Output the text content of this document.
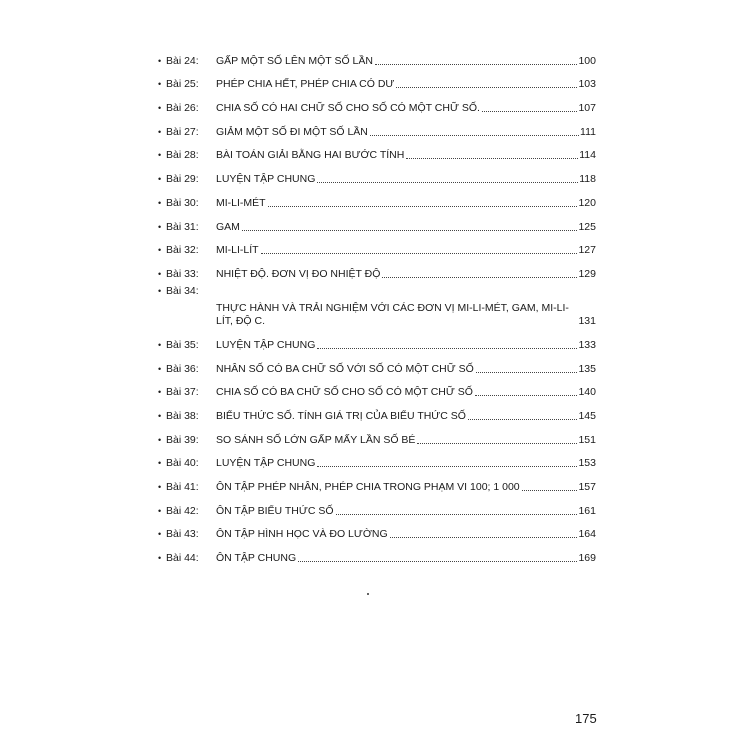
• Bài 24:	GẤP MỘT SỐ LÊN MỘT SỐ LẦN	100
• Bài 25:	PHÉP CHIA HẾT, PHÉP CHIA CÓ DƯ	103
• Bài 26:	CHIA SỐ CÓ HAI CHỮ SỐ CHO SỐ CÓ MỘT CHỮ SỐ.	107
• Bài 27:	GIẢM MỘT SỐ ĐI MỘT SỐ LẦN	111
• Bài 28:	BÀI TOÁN GIẢI BẰNG HAI BƯỚC TÍNH	114
• Bài 29:	LUYỆN TẬP CHUNG	118
• Bài 30:	MI-LI-MÉT	120
• Bài 31:	GAM	125
• Bài 32:	MI-LI-LÍT	127
• Bài 33:	NHIỆT ĐỘ. ĐƠN VỊ ĐO NHIỆT ĐỘ	129
• Bài 34:
THỰC HÀNH VÀ TRẢI NGHIỆM VỚI CÁC ĐƠN VỊ MI-LI-MÉT, GAM, MI-LI-LÍT, ĐỘ C.	131
• Bài 35:	LUYỆN TẬP CHUNG	133
• Bài 36:	NHÂN SỐ CÓ BA CHỮ SỐ VỚI SỐ CÓ MỘT CHỮ SỐ	135
• Bài 37:	CHIA SỐ CÓ BA CHỮ SỐ CHO SỐ CÓ MỘT CHỮ SỐ	140
• Bài 38:	BIỂU THỨC SỐ. TÍNH GIÁ TRỊ CỦA BIỂU THỨC SỐ	145
• Bài 39:	SO SÁNH SỐ LỚN GẤP MẤY LẦN SỐ BÉ	151
• Bài 40:	LUYỆN TẬP CHUNG	153
• Bài 41:	ÔN TẬP PHÉP NHÂN, PHÉP CHIA TRONG PHẠM VI 100; 1 000	157
• Bài 42:	ÔN TẬP BIỂU THỨC SỐ	161
• Bài 43:	ÔN TẬP HÌNH HỌC VÀ ĐO LƯỜNG	164
• Bài 44:	ÔN TẬP CHUNG	169
175
